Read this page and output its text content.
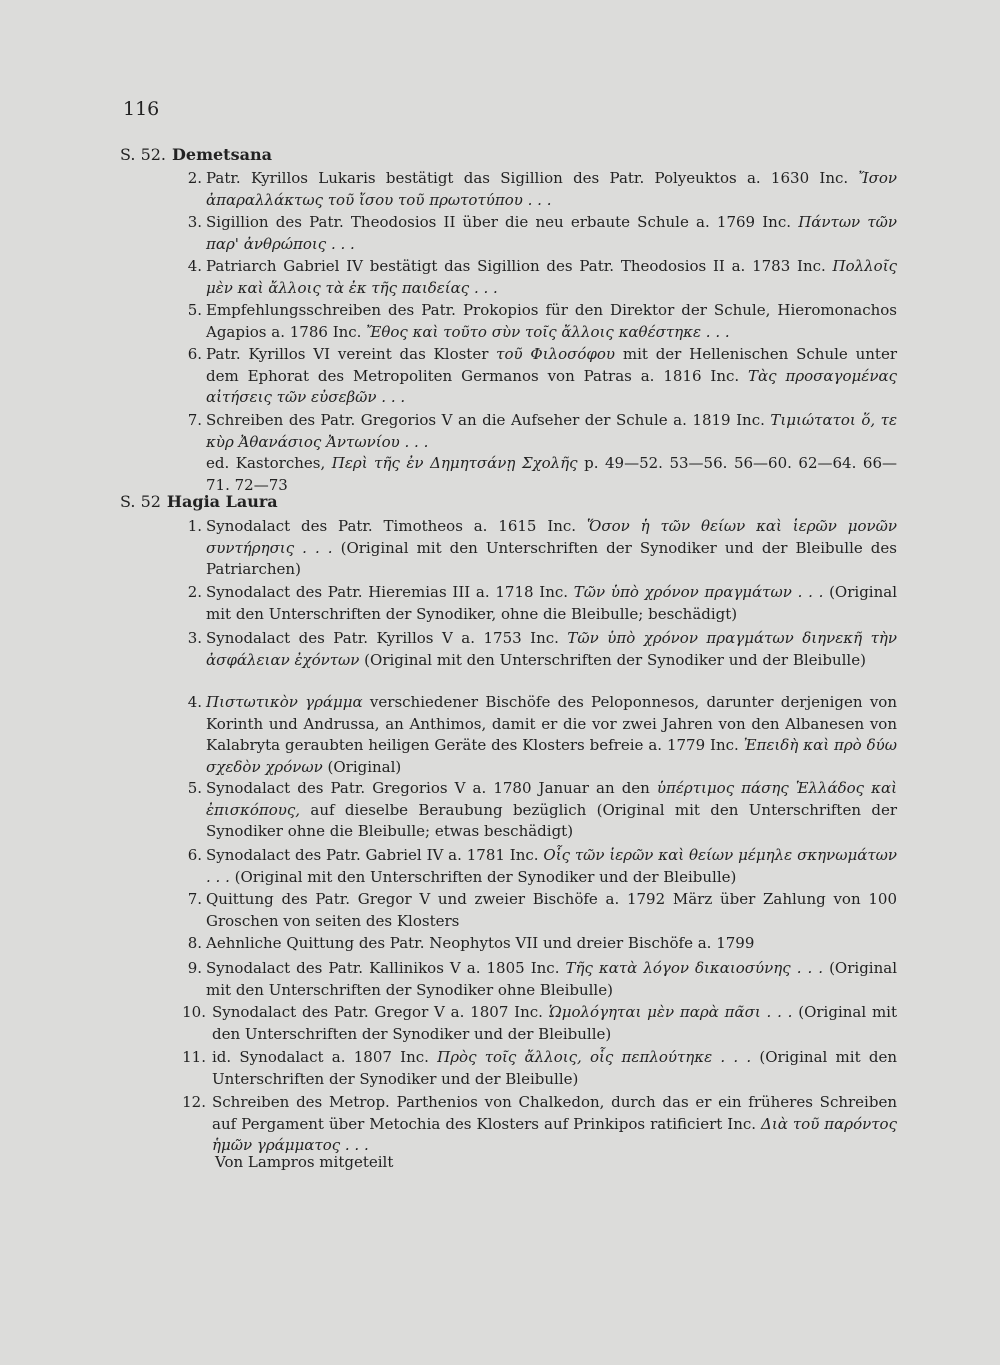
116
S. 52. Demetsana
2. Patr. Kyrillos Lukaris bestätigt das Sigillion des Patr. Polyeuktos a. 1630 Inc. Ἴσον ἀπαραλλάκτως τοῦ ἴσου τοῦ πρωτοτύπου . . .
3. Sigillion des Patr. Theodosios II über die neu erbaute Schule a. 1769 Inc. Πάντων τῶν παρ' ἀνθρώποις . . .
4. Patriarch Gabriel IV bestätigt das Sigillion des Patr. Theodosios II a. 1783 Inc. Πολλοῖς μὲν καὶ ἄλλοις τὰ ἐκ τῆς παιδείας . . .
5. Empfehlungsschreiben des Patr. Prokopios für den Direktor der Schule, Hieromonachos Agapios a. 1786 Inc. Ἔθος καὶ τοῦτο σὺν τοῖς ἄλλοις καθέστηκε . . .
6. Patr. Kyrillos VI vereint das Kloster τοῦ Φιλοσόφου mit der Hellenischen Schule unter dem Ephorat des Metropoliten Germanos von Patras a. 1816 Inc. Τὰς προσαγομένας αἰτήσεις τῶν εὐσεβῶν . . .
7. Schreiben des Patr. Gregorios V an die Aufseher der Schule a. 1819 Inc. Τιμιώτατοι ὅ, τε κὺρ Ἀθανάσιος Ἀντωνίου . . .
ed. Kastorches, Περὶ τῆς ἐν Δημητσάνῃ Σχολῆς p. 49—52. 53—56. 56—60. 62—64. 66—71. 72—73
S. 52 Hagia Laura
1. Synodalact des Patr. Timotheos a. 1615 Inc. Ὅσον ἡ τῶν θείων καὶ ἱερῶν μονῶν συντήρησις . . . (Original mit den Unterschriften der Synodiker und der Bleibulle des Patriarchen)
2. Synodalact des Patr. Hieremias III a. 1718 Inc. Τῶν ὑπὸ χρόνον πραγμάτων . . . (Original mit den Unterschriften der Synodiker, ohne die Bleibulle; beschädigt)
3. Synodalact des Patr. Kyrillos V a. 1753 Inc. Τῶν ὑπὸ χρόνον πραγμάτων διηνεκῆ τὴν ἀσφάλειαν ἐχόντων (Original mit den Unterschriften der Synodiker und der Bleibulle)
4. Πιστωτικὸν γράμμα verschiedener Bischöfe des Peloponnesos, darunter derjenigen von Korinth und Andrussa, an Anthimos, damit er die vor zwei Jahren von den Albanesen von Kalabryta geraubten heiligen Geräte des Klosters befreie a. 1779 Inc. Ἐπειδὴ καὶ πρὸ δύω σχεδὸν χρόνων (Original)
5. Synodalact des Patr. Gregorios V a. 1780 Januar an den ὑπέρτιμος πάσης Ἑλλάδος καὶ ἐπισκόπους, auf dieselbe Beraubung bezüglich (Original mit den Unterschriften der Synodiker ohne die Bleibulle; etwas beschädigt)
6. Synodalact des Patr. Gabriel IV a. 1781 Inc. Οἷς τῶν ἱερῶν καὶ θείων μέμηλε σκηνωμάτων . . . (Original mit den Unterschriften der Synodiker und der Bleibulle)
7. Quittung des Patr. Gregor V und zweier Bischöfe a. 1792 März über Zahlung von 100 Groschen von seiten des Klosters
8. Aehnliche Quittung des Patr. Neophytos VII und dreier Bischöfe a. 1799
9. Synodalact des Patr. Kallinikos V a. 1805 Inc. Τῆς κατὰ λόγον δικαιοσύνης . . . (Original mit den Unterschriften der Synodiker ohne Bleibulle)
10. Synodalact des Patr. Gregor V a. 1807 Inc. Ὡμολόγηται μὲν παρὰ πᾶσι . . . (Original mit den Unterschriften der Synodiker und der Bleibulle)
11. id. Synodalact a. 1807 Inc. Πρὸς τοῖς ἄλλοις, οἷς πεπλούτηκε . . . (Original mit den Unterschriften der Synodiker und der Bleibulle)
12. Schreiben des Metrop. Parthenios von Chalkedon, durch das er ein früheres Schreiben auf Pergament über Metochia des Klosters auf Prinkipos ratificiert Inc. Διὰ τοῦ παρόντος ἡμῶν γράμματος . . .
Von Lampros mitgeteilt
